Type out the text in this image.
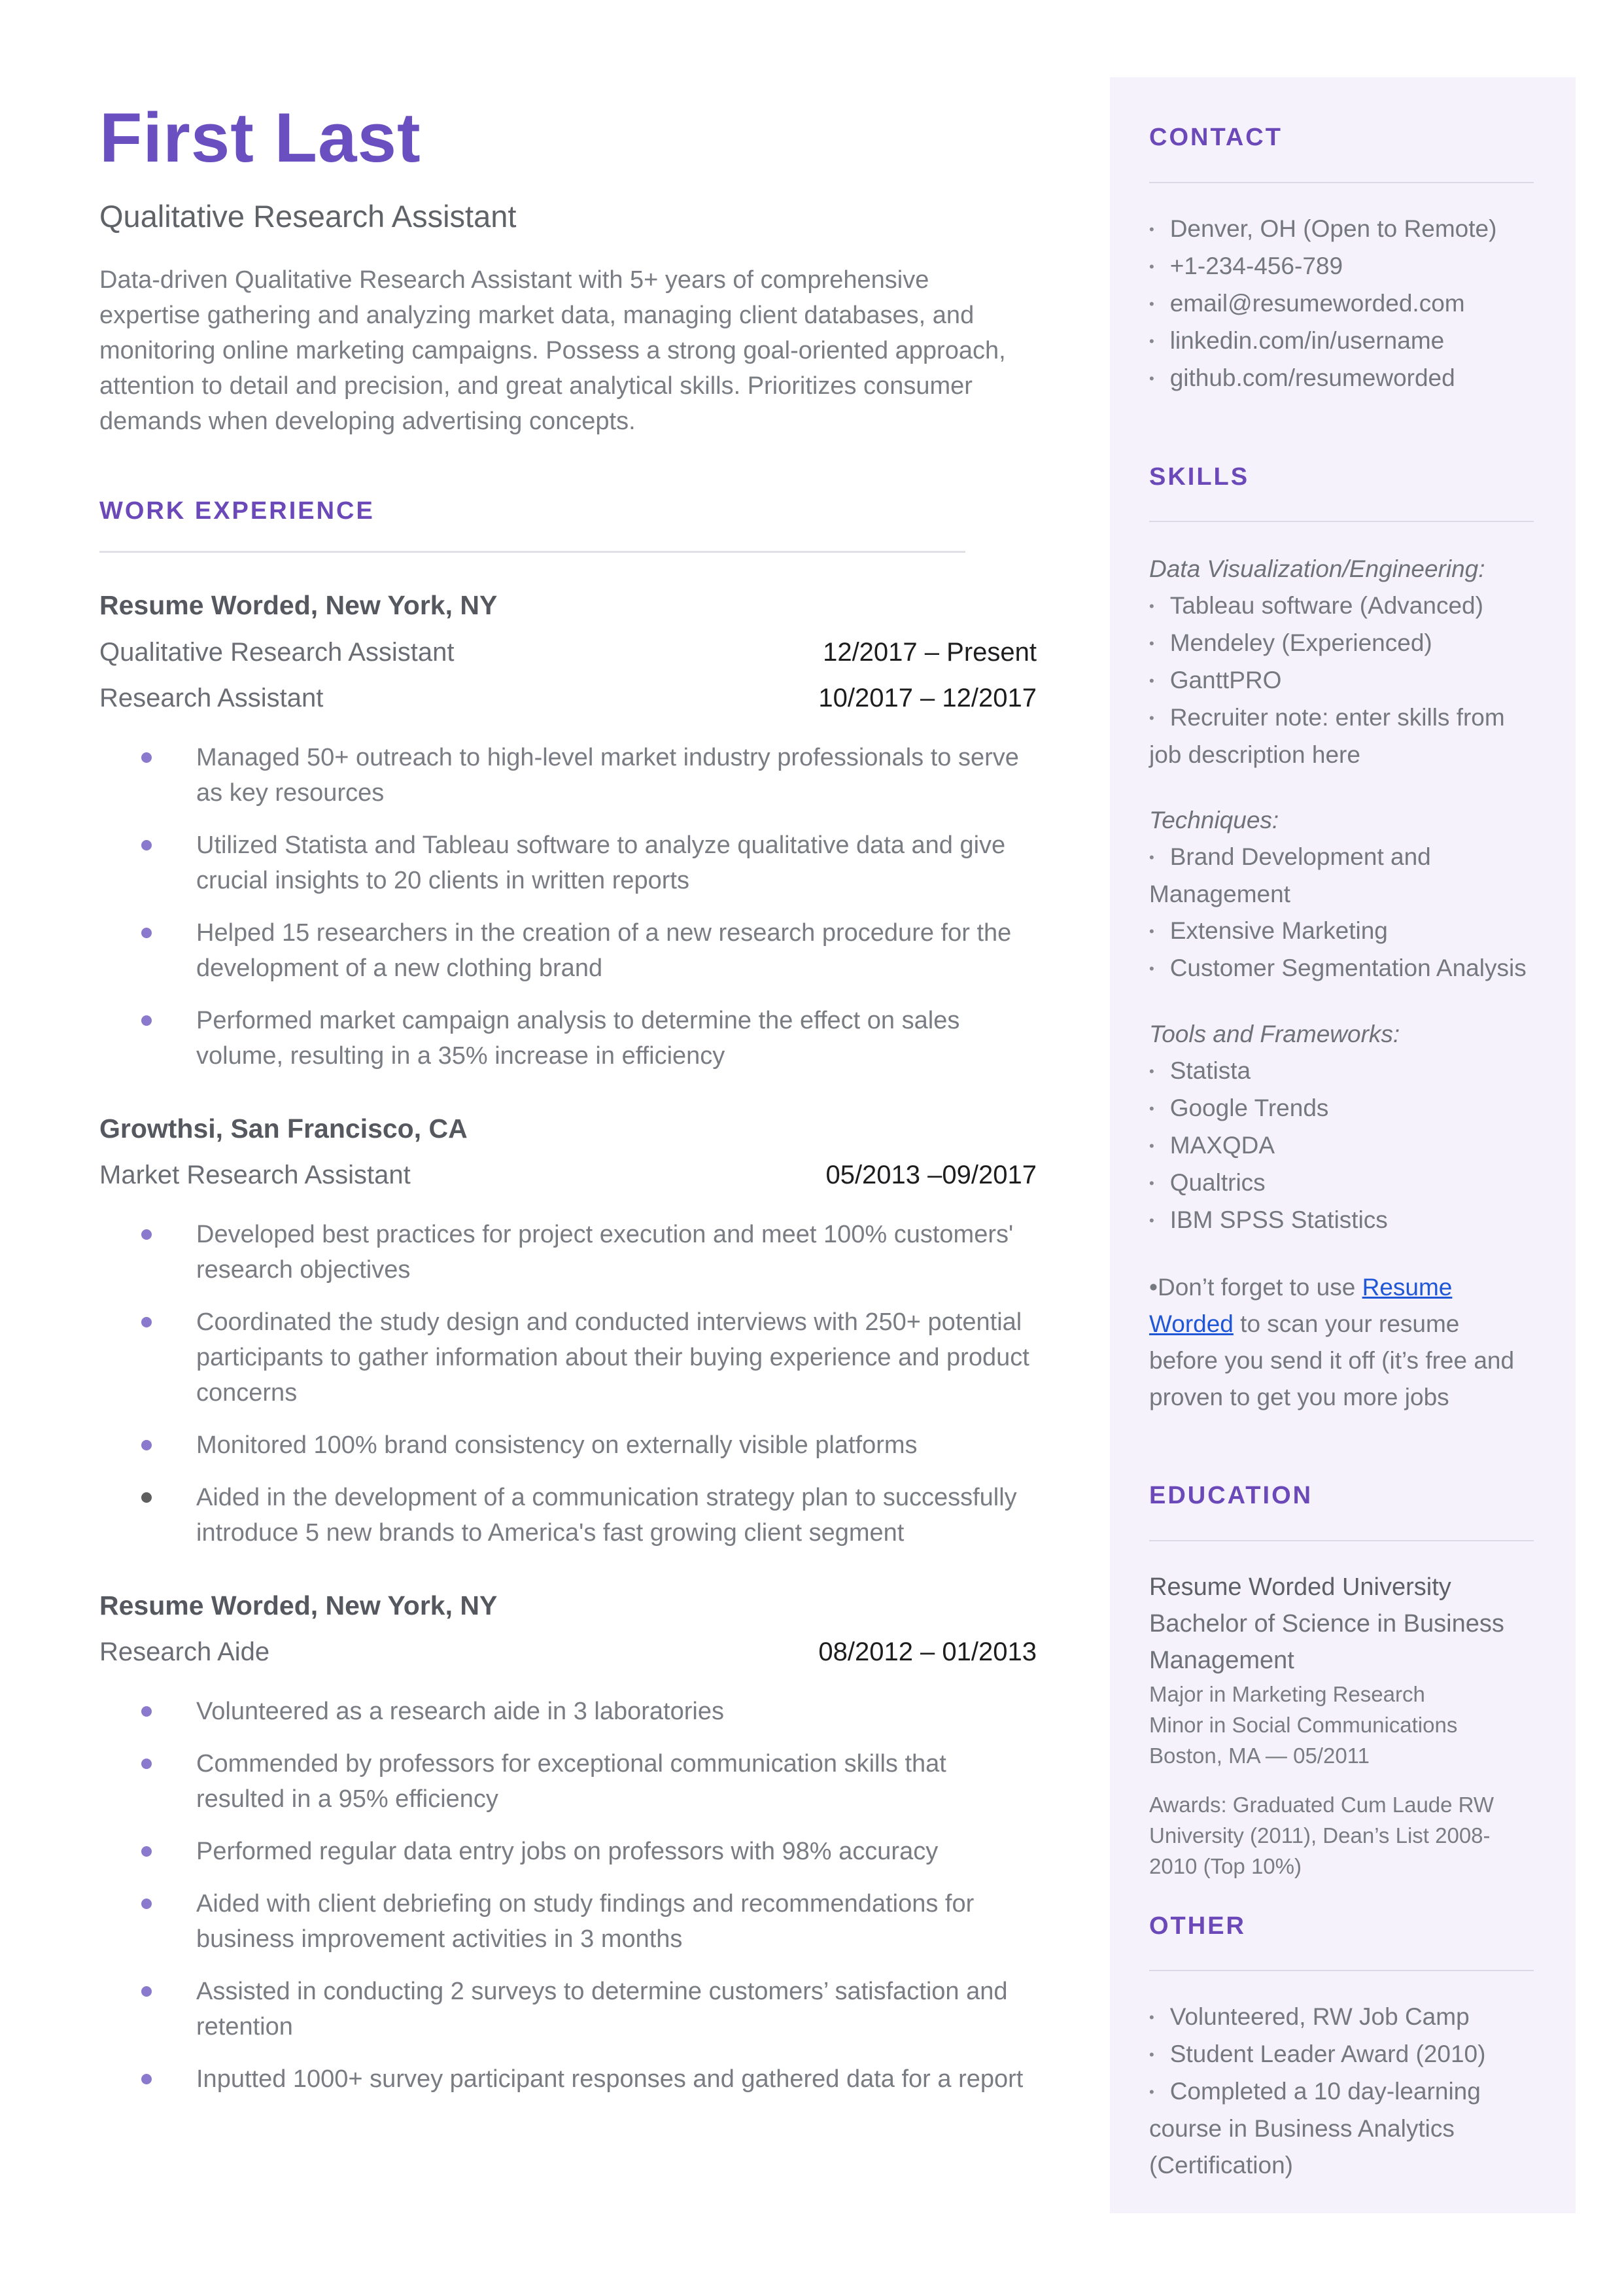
First Last
Qualitative Research Assistant

Data-driven Qualitative Research Assistant with 5+ years of comprehensive expertise gathering and analyzing market data, managing client databases, and monitoring online marketing campaigns. Possess a strong goal-oriented approach, attention to detail and precision, and great analytical skills. Prioritizes consumer demands when developing advertising concepts.

WORK EXPERIENCE
Resume Worded, New York, NY
Qualitative Research Assistant	12/2017 – Present
Research Assistant	10/2017 – 12/2017
Managed 50+ outreach to high-level market industry professionals to serve as key resources
Utilized Statista and Tableau software to analyze qualitative data and give crucial insights to 20 clients in written reports
Helped 15 researchers in the creation of a new research procedure for the development of a new clothing brand
Performed market campaign analysis to determine the effect on sales volume, resulting in a 35% increase in efficiency
Growthsi, San Francisco, CA
Market Research Assistant	05/2013 –09/2017
Developed best practices for project execution and meet 100% customers' research objectives
Coordinated the study design and conducted interviews with 250+ potential participants to gather information about their buying experience and product concerns
Monitored 100% brand consistency on externally visible platforms
Aided in the development of a communication strategy plan to successfully introduce 5 new brands to America's fast growing client segment
Resume Worded, New York, NY
Research Aide	08/2012 – 01/2013
Volunteered as a research aide in 3 laboratories
Commended by professors for exceptional communication skills that resulted in a 95% efficiency
Performed regular data entry jobs on professors with 98% accuracy
Aided with client debriefing on study findings and recommendations for business improvement activities in 3 months
Assisted in conducting 2 surveys to determine customers’ satisfaction and retention
Inputted 1000+ survey participant responses and gathered data for a report
CONTACT
• Denver, OH (Open to Remote)
• +1-234-456-789
• email@resumeworded.com
• linkedin.com/in/username
• github.com/resumeworded
SKILLS

Data Visualization/Engineering:

• Tableau software (Advanced)
• Mendeley (Experienced)
• GanttPRO
• Recruiter note: enter skills from job description here

Techniques:

• Brand Development and Management
• Extensive Marketing
• Customer Segmentation Analysis

Tools and Frameworks:

• Statista
• Google Trends
• MAXQDA
• Qualtrics
• IBM SPSS Statistics

•Don’t forget to use Resume Worded to scan your resume before you send it off (it’s free and proven to get you more jobs

EDUCATION

Resume Worded University

Bachelor of Science in Business Management

Major in Marketing Research

Minor in Social Communications

Boston, MA — 05/2011

Awards: Graduated Cum Laude RW University (2011), Dean’s List 2008-2010 (Top 10%)

OTHER
• Volunteered, RW Job Camp
• Student Leader Award (2010)
• Completed a 10 day-learning course in Business Analytics (Certification)
